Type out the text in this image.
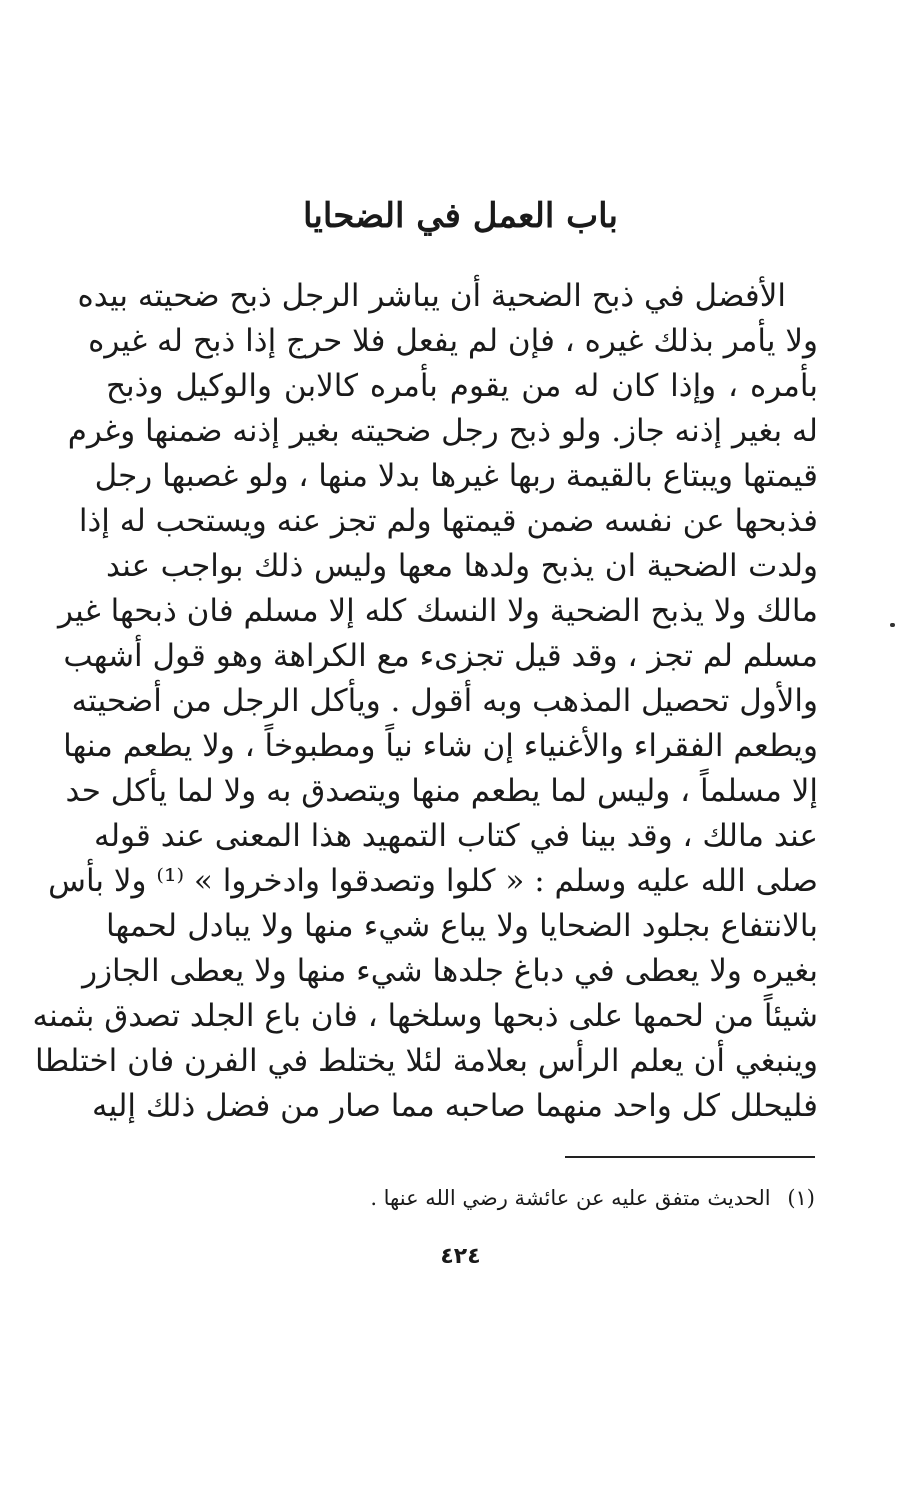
باب العمل في الضحايا
الأفضل في ذبح الضحية أن يباشر الرجل ذبح ضحيته بيده
ولا يأمر بذلك غيره ، فإن لم يفعل فلا حرج إذا ذبح له غيره
بأمره ، وإذا كان له من يقوم بأمره كالابن والوكيل وذبح
له بغير إذنه جاز. ولو ذبح رجل ضحيته بغير إذنه ضمنها وغرم
قيمتها ويبتاع بالقيمة ربها غيرها بدلا منها ، ولو غصبها رجل
فذبحها عن نفسه ضمن قيمتها ولم تجز عنه ويستحب له إذا
ولدت الضحية ان يذبح ولدها معها وليس ذلك بواجب عند
مالك ولا يذبح الضحية ولا النسك كله إلا مسلم فان ذبحها غير
مسلم لم تجز ، وقد قيل تجزىء مع الكراهة وهو قول أشهب
والأول تحصيل المذهب وبه أقول . ويأكل الرجل من أضحيته
ويطعم الفقراء والأغنياء إن شاء نياً ومطبوخاً ، ولا يطعم منها
إلا مسلماً ، وليس لما يطعم منها ويتصدق به ولا لما يأكل حد
عند مالك ، وقد بينا في كتاب التمهيد هذا المعنى عند قوله
صلى الله عليه وسلم : « كلوا وتصدقوا وادخروا » ⁽¹⁾ ولا بأس
بالانتفاع بجلود الضحايا ولا يباع شيء منها ولا يبادل لحمها
بغيره ولا يعطى في دباغ جلدها شيء منها ولا يعطى الجازر
شيئاً من لحمها على ذبحها وسلخها ، فان باع الجلد تصدق بثمنه
وينبغي أن يعلم الرأس بعلامة لئلا يختلط في الفرن فان اختلطا
فليحلل كل واحد منهما صاحبه مما صار من فضل ذلك إليه
(١) الحديث متفق عليه عن عائشة رضي الله عنها .
٤٢٤
